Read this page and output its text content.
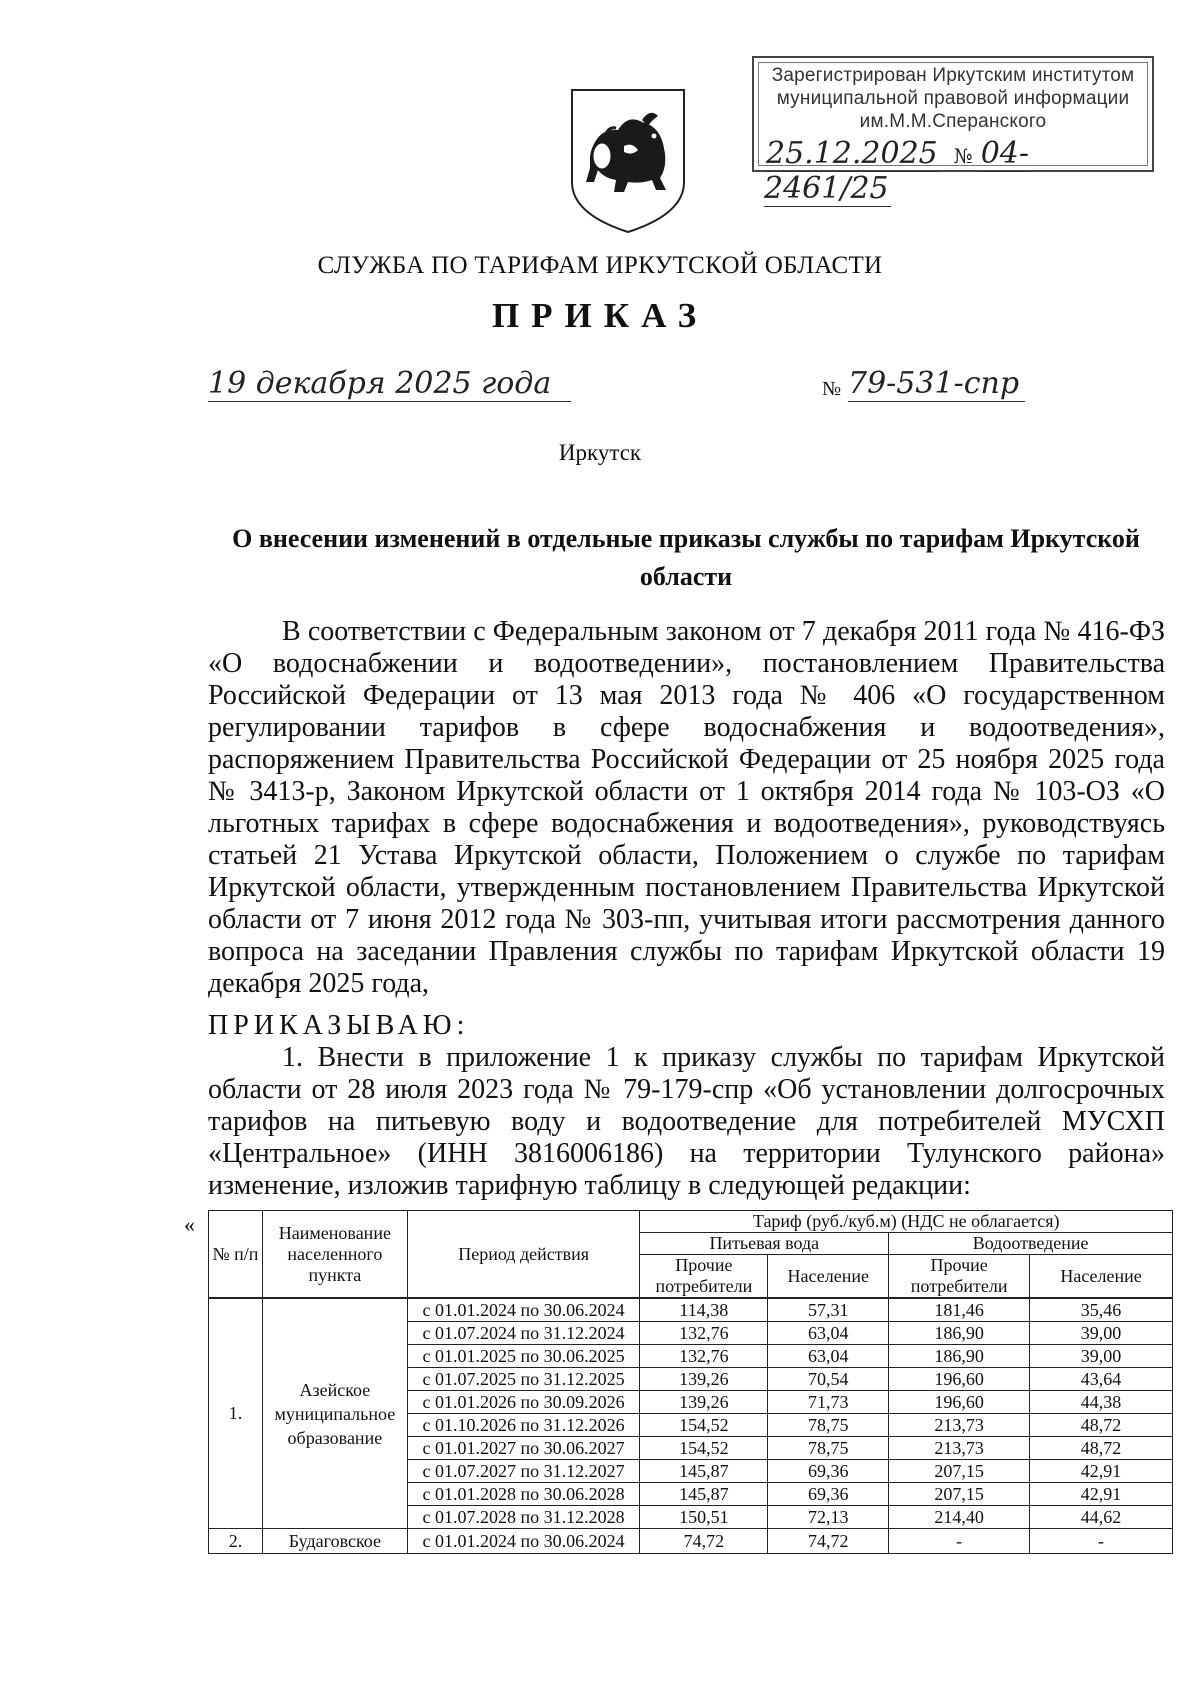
Зарегистрирован Иркутским институтом
муниципальной правовой информации
им.М.М.Сперанского
25.12.2025 № 04-2461/25
СЛУЖБА ПО ТАРИФАМ ИРКУТСКОЙ ОБЛАСТИ
ПРИКАЗ
19 декабря 2025 года	№ 79-531-спр
Иркутск
О внесении изменений в отдельные приказы службы по тарифам Иркутской области

В соответствии с Федеральным законом от 7 декабря 2011 года № 416-ФЗ «О водоснабжении и водоотведении», постановлением Правительства Российской Федерации от 13 мая 2013 года № 406 «О государственном регулировании тарифов в сфере водоснабжения и водоотведения», распоряжением Правительства Российской Федерации от 25 ноября 2025 года № 3413-р, Законом Иркутской области от 1 октября 2014 года № 103-ОЗ «О льготных тарифах в сфере водоснабжения и водоотведения», руководствуясь статьей 21 Устава Иркутской области, Положением о службе по тарифам Иркутской области, утвержденным постановлением Правительства Иркутской области от 7 июня 2012 года № 303-пп, учитывая итоги рассмотрения данного вопроса на заседании Правления службы по тарифам Иркутской области 19 декабря 2025 года,

ПРИКАЗЫВАЮ:

1. Внести в приложение 1 к приказу службы по тарифам Иркутской области от 28 июля 2023 года № 79-179-спр «Об установлении долгосрочных тарифов на питьевую воду и водоотведение для потребителей МУСХП «Центральное» (ИНН 3816006186) на территории Тулунского района» изменение, изложив тарифную таблицу в следующей редакции:

«
№ п/п	Наименование населенного пункта	Период действия	Тариф (руб./куб.м) (НДС не облагается)			
			Питьевая вода		Водоотведение	
			Прочие потребители	Население	Прочие потребители	Население
1.	Азейское муниципальное образование	с 01.01.2024 по 30.06.2024	114,38	57,31	181,46	35,46
		с 01.07.2024 по 31.12.2024	132,76	63,04	186,90	39,00
		с 01.01.2025 по 30.06.2025	132,76	63,04	186,90	39,00
		с 01.07.2025 по 31.12.2025	139,26	70,54	196,60	43,64
		с 01.01.2026 по 30.09.2026	139,26	71,73	196,60	44,38
		с 01.10.2026 по 31.12.2026	154,52	78,75	213,73	48,72
		с 01.01.2027 по 30.06.2027	154,52	78,75	213,73	48,72
		с 01.07.2027 по 31.12.2027	145,87	69,36	207,15	42,91
		с 01.01.2028 по 30.06.2028	145,87	69,36	207,15	42,91
		с 01.07.2028 по 31.12.2028	150,51	72,13	214,40	44,62
2.	Будаговское	с 01.01.2024 по 30.06.2024	74,72	74,72	-	-
